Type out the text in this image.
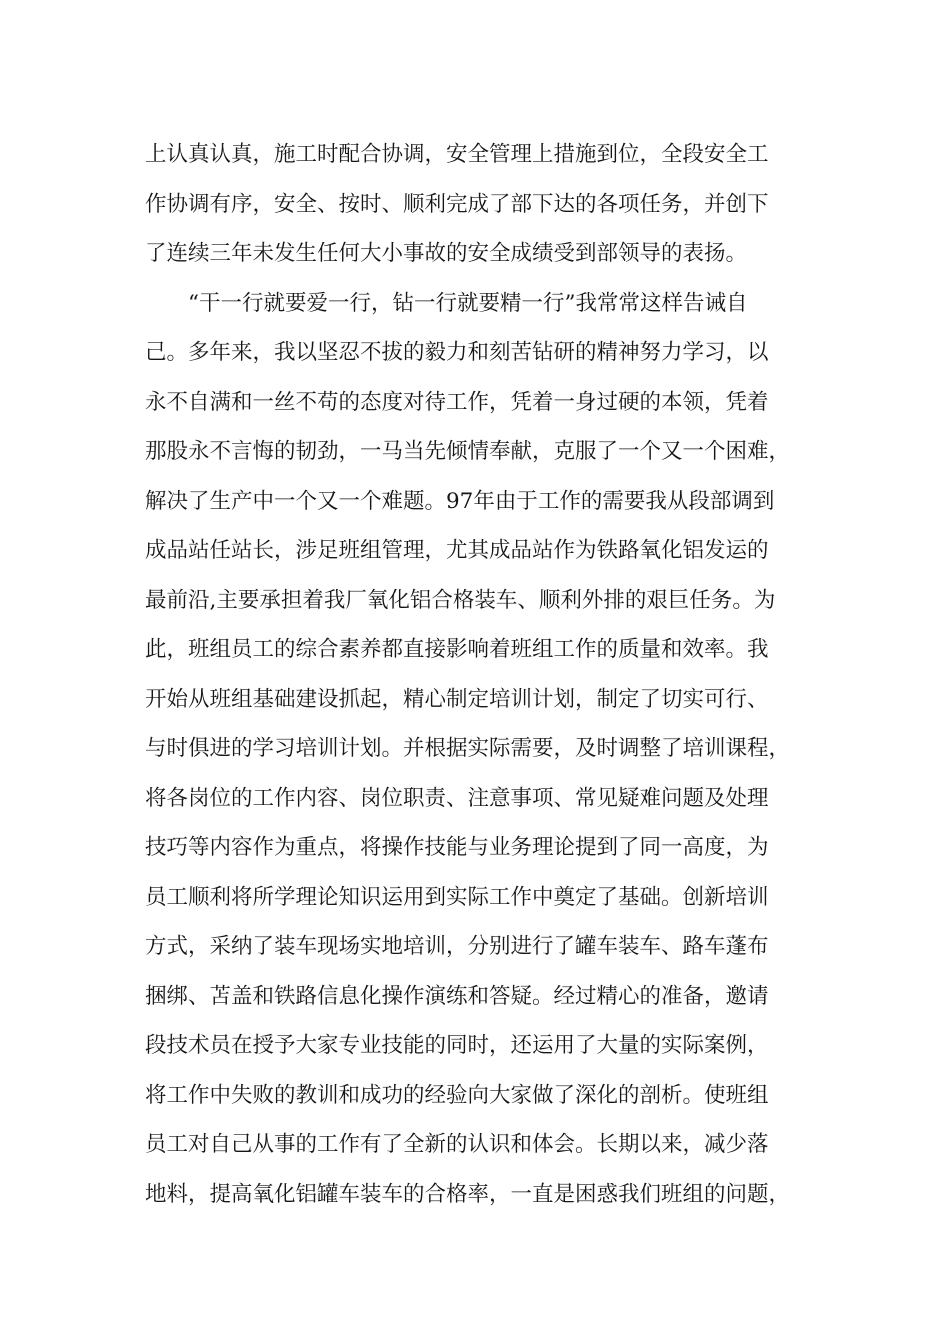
上认真认真，施工时配合协调，安全管理上措施到位，全段安全工

作协调有序，安全、按时、顺利完成了部下达的各项任务，并创下

了连续三年未发生任何大小事故的安全成绩受到部领导的表扬。

　　“干一行就要爱一行，钻一行就要精一行”我常常这样告诫自

己。多年来，我以坚忍不拔的毅力和刻苦钻研的精神努力学习，以

永不自满和一丝不苟的态度对待工作，凭着一身过硬的本领，凭着

那股永不言悔的韧劲，一马当先倾情奉献，克服了一个又一个困难，

解决了生产中一个又一个难题。97年由于工作的需要我从段部调到

成品站任站长，涉足班组管理，尤其成品站作为铁路氧化铝发运的

最前沿,主要承担着我厂氧化铝合格装车、顺利外排的艰巨任务。为

此，班组员工的综合素养都直接影响着班组工作的质量和效率。我

开始从班组基础建设抓起，精心制定培训计划，制定了切实可行、

与时俱进的学习培训计划。并根据实际需要，及时调整了培训课程，

将各岗位的工作内容、岗位职责、注意事项、常见疑难问题及处理

技巧等内容作为重点，将操作技能与业务理论提到了同一高度，为

员工顺利将所学理论知识运用到实际工作中奠定了基础。创新培训

方式，采纳了装车现场实地培训，分别进行了罐车装车、路车蓬布

捆绑、苫盖和铁路信息化操作演练和答疑。经过精心的准备，邀请

段技术员在授予大家专业技能的同时，还运用了大量的实际案例，

将工作中失败的教训和成功的经验向大家做了深化的剖析。使班组

员工对自己从事的工作有了全新的认识和体会。长期以来，减少落

地料，提高氧化铝罐车装车的合格率，一直是困惑我们班组的问题，
